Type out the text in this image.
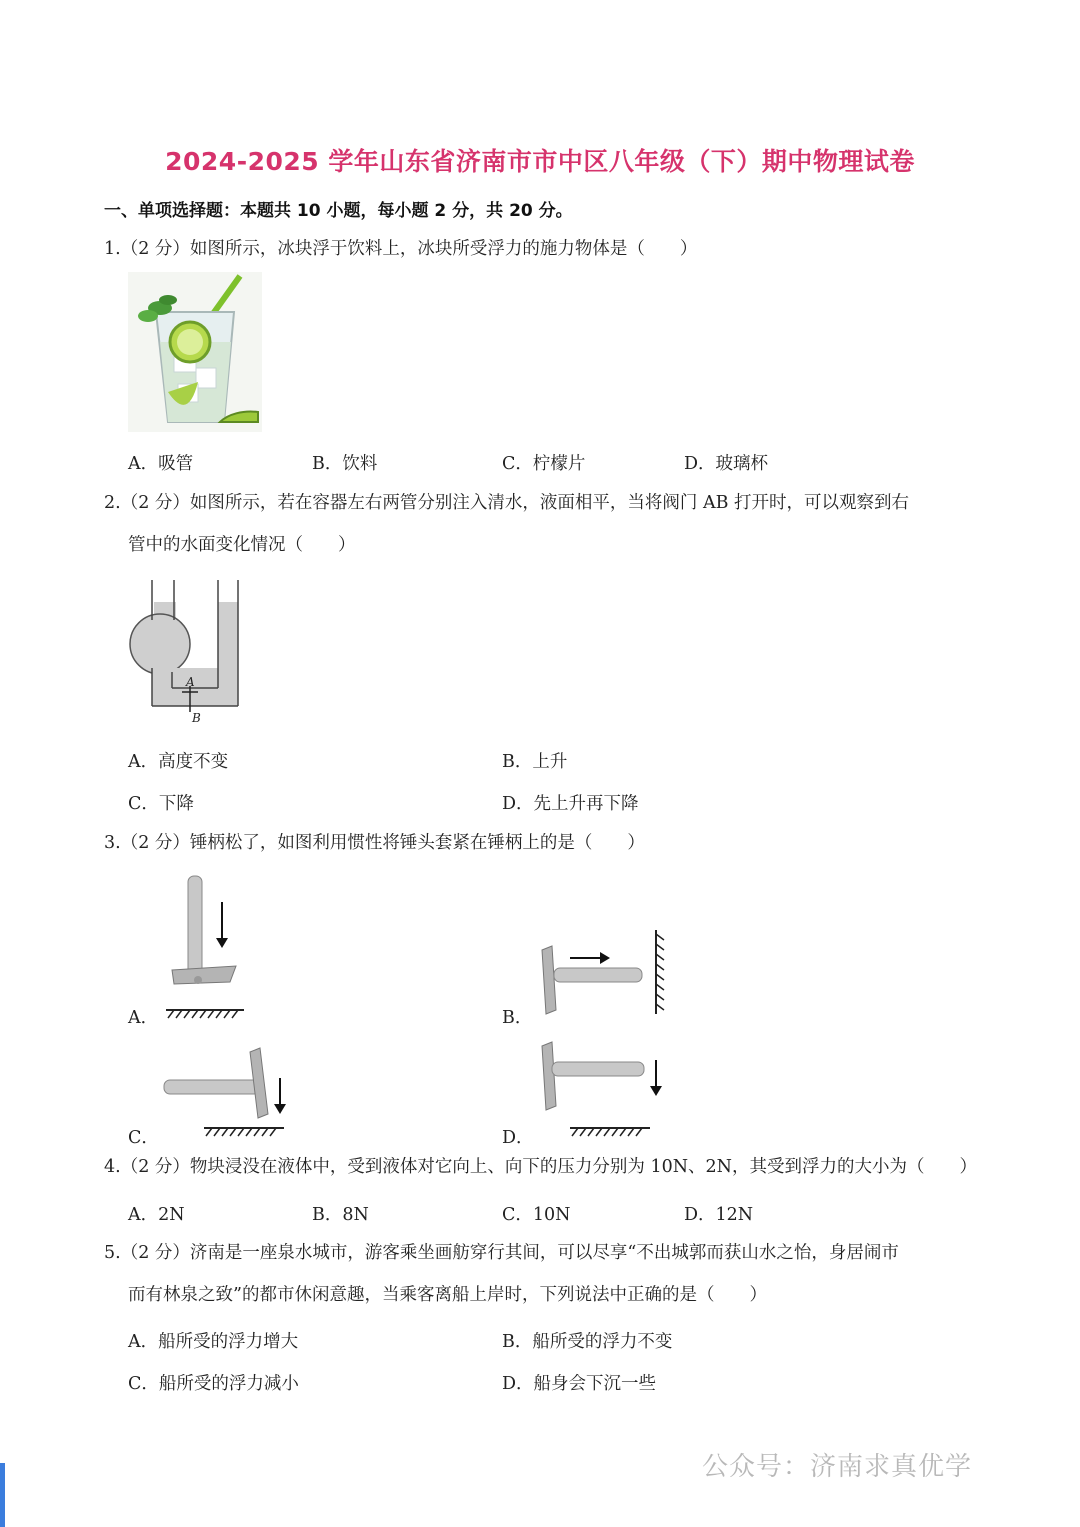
2024-2025 学年山东省济南市市中区八年级（下）期中物理试卷
一、单项选择题：本题共 10 小题，每小题 2 分，共 20 分。
1.（2 分）如图所示，冰块浮于饮料上，冰块所受浮力的施力物体是（　　）
A．吸管	B．饮料	C．柠檬片	D．玻璃杯
2.（2 分）如图所示，若在容器左右两管分别注入清水，液面相平，当将阀门 AB 打开时，可以观察到右
管中的水面变化情况（　　）
A
B
A．高度不变	B．上升
C．下降	D．先上升再下降
3.（2 分）锤柄松了，如图利用惯性将锤头套紧在锤柄上的是（　　）
A．	B．
C．	D．
4.（2 分）物块浸没在液体中，受到液体对它向上、向下的压力分别为 10N、2N，其受到浮力的大小为（　　）
A．2N	B．8N	C．10N	D．12N
5.（2 分）济南是一座泉水城市，游客乘坐画舫穿行其间，可以尽享“不出城郭而获山水之怡，身居闹市
而有林泉之致”的都市休闲意趣，当乘客离船上岸时，下列说法中正确的是（　　）
A．船所受的浮力增大	B．船所受的浮力不变
C．船所受的浮力减小	D．船身会下沉一些
公众号：济南求真优学
